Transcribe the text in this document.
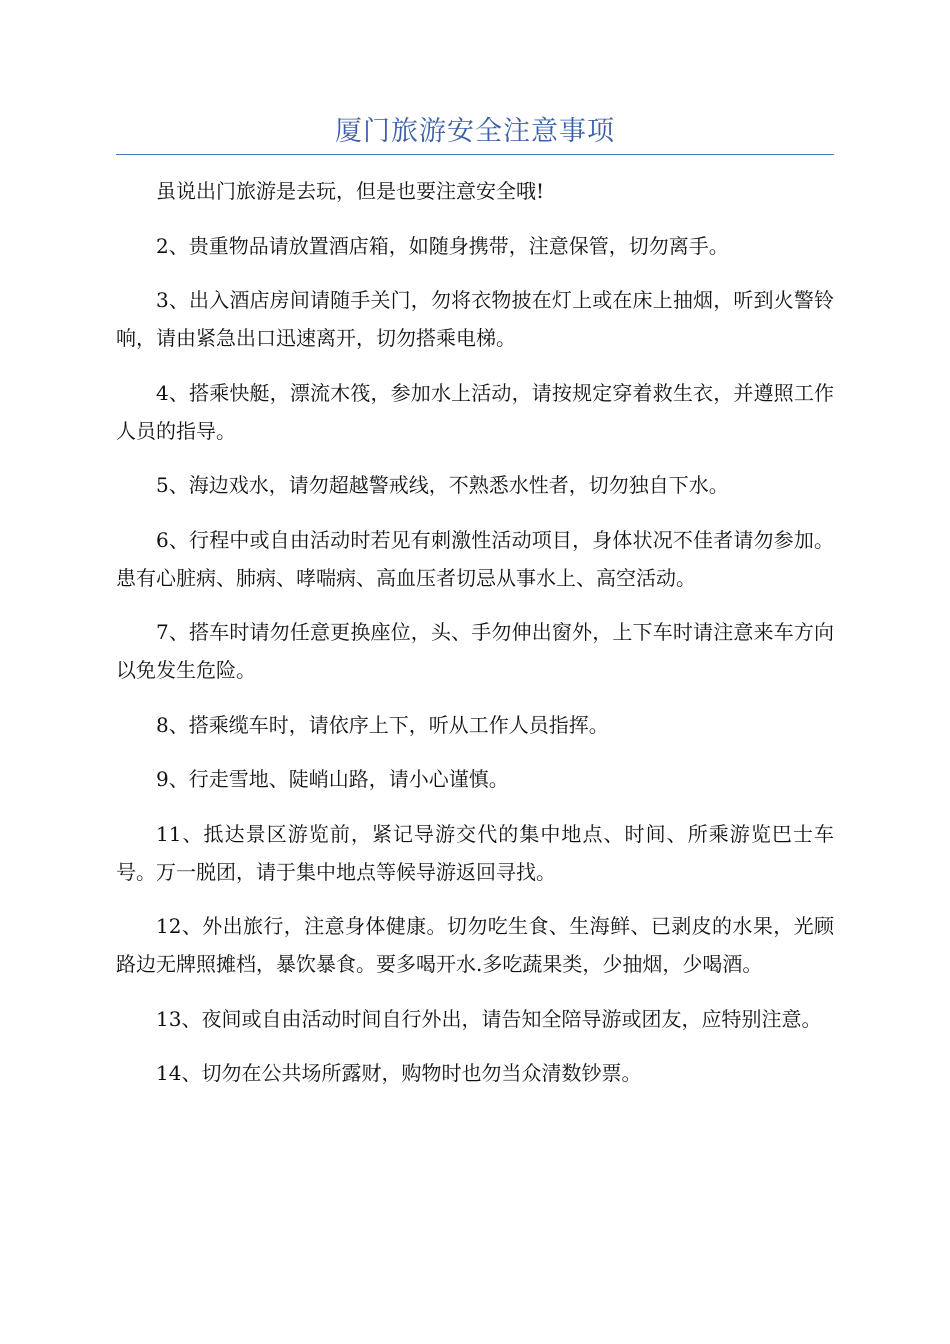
厦门旅游安全注意事项

虽说出门旅游是去玩，但是也要注意安全哦!

2、贵重物品请放置酒店箱，如随身携带，注意保管，切勿离手。

3、出入酒店房间请随手关门，勿将衣物披在灯上或在床上抽烟，听到火警铃响，请由紧急出口迅速离开，切勿搭乘电梯。

4、搭乘快艇，漂流木筏，参加水上活动，请按规定穿着救生衣，并遵照工作人员的指导。

5、海边戏水，请勿超越警戒线，不熟悉水性者，切勿独自下水。

6、行程中或自由活动时若见有刺激性活动项目，身体状况不佳者请勿参加。患有心脏病、肺病、哮喘病、高血压者切忌从事水上、高空活动。

7、搭车时请勿任意更换座位，头、手勿伸出窗外，上下车时请注意来车方向以免发生危险。

8、搭乘缆车时，请依序上下，听从工作人员指挥。

9、行走雪地、陡峭山路，请小心谨慎。

11、抵达景区游览前，紧记导游交代的集中地点、时间、所乘游览巴士车号。万一脱团，请于集中地点等候导游返回寻找。

12、外出旅行，注意身体健康。切勿吃生食、生海鲜、已剥皮的水果，光顾路边无牌照摊档，暴饮暴食。要多喝开水.多吃蔬果类，少抽烟，少喝酒。

13、夜间或自由活动时间自行外出，请告知全陪导游或团友，应特别注意。

14、切勿在公共场所露财，购物时也勿当众清数钞票。
